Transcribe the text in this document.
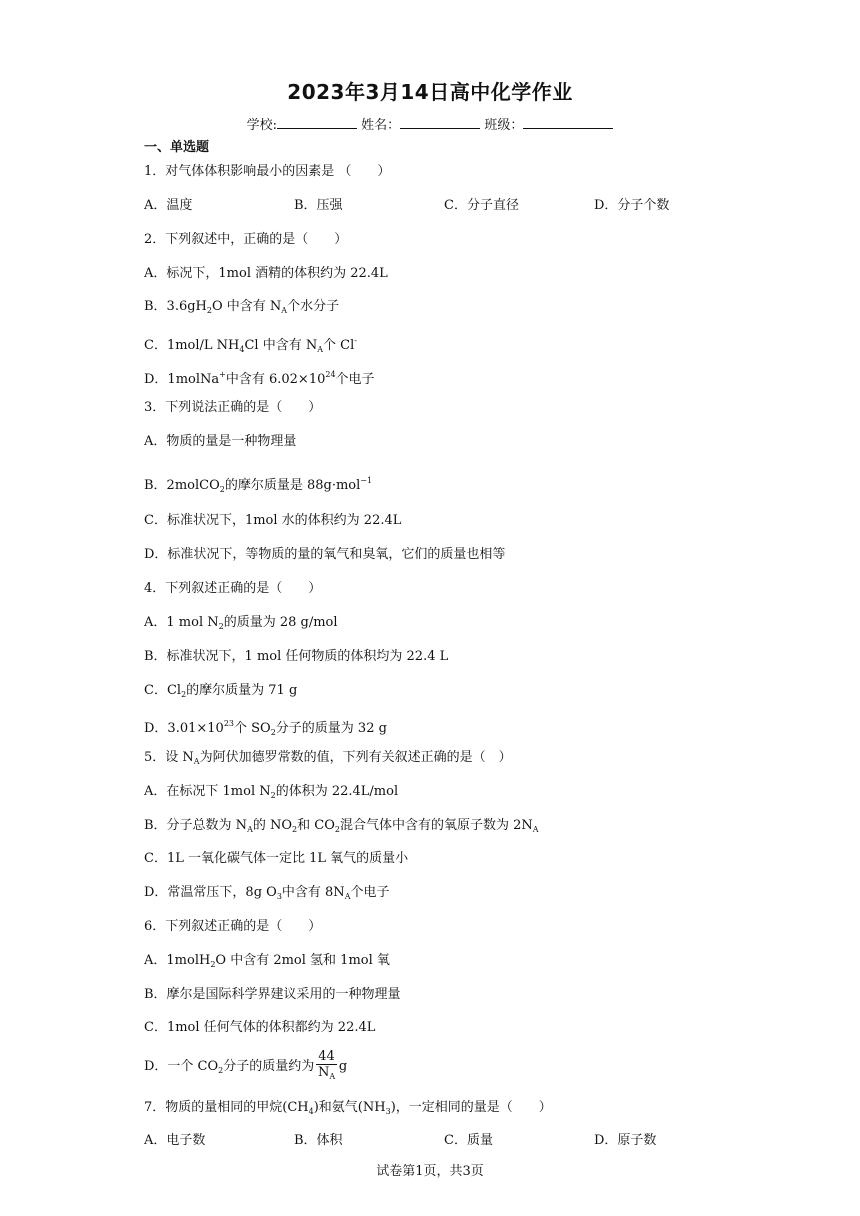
2023年3月14日高中化学作业
学校:	姓名：	班级：
一、单选题
1．对气体体积影响最小的因素是 （　　）
A．温度	B．压强	C．分子直径	D．分子个数
2．下列叙述中，正确的是（　　）
A．标况下，1mol 酒精的体积约为 22.4L
B．$3.6gH_2O$ 中含有 $N_A$个水分子
C．1mol/L $NH_4Cl$ 中含有 $N_A$个 Cl-
D．1molNa+中含有 $6.02\times 10^{24}$个电子
3．下列说法正确的是（　　）
A．物质的量是一种物理量
B．2molCO$_2$的摩尔质量是 88g·mol$^{-1}$
C．标准状况下，1mol 水的体积约为 22.4L
D．标准状况下，等物质的量的氧气和臭氧，它们的质量也相等
4．下列叙述正确的是（　　）
A．1 mol $N_2$的质量为 28 g/mol
B．标准状况下，1 mol 任何物质的体积均为 22.4 L
C．$Cl_2$的摩尔质量为 71 g
D．$3.01\times 10^{23}$个 $SO_2$分子的质量为 32 g
5．设 $N_A$为阿伏加德罗常数的值，下列有关叙述正确的是（　）
A．在标况下 1mol $N_2$的体积为 22.4L/mol
B．分子总数为 $N_A$的 $NO_2$和 $CO_2$混合气体中含有的氧原子数为 $2N_A$
C．1L 一氧化碳气体一定比 1L 氧气的质量小
D．常温常压下，8g $O_3$中含有 $8N_A$个电子
6．下列叙述正确的是（　　）
A．1molH$_2$O 中含有 2mol 氢和 1mol 氧
B．摩尔是国际科学界建议采用的一种物理量
C．1mol 任何气体的体积都约为 22.4L
D．一个 $CO_2$分子的质量约为 $\frac{44}{N_A}$ g
7．物质的量相同的甲烷$(CH_4)$和氨气$(NH_3)$，一定相同的量是（　　）
A．电子数	B．体积	C．质量	D．原子数
试卷第1页，共3页
